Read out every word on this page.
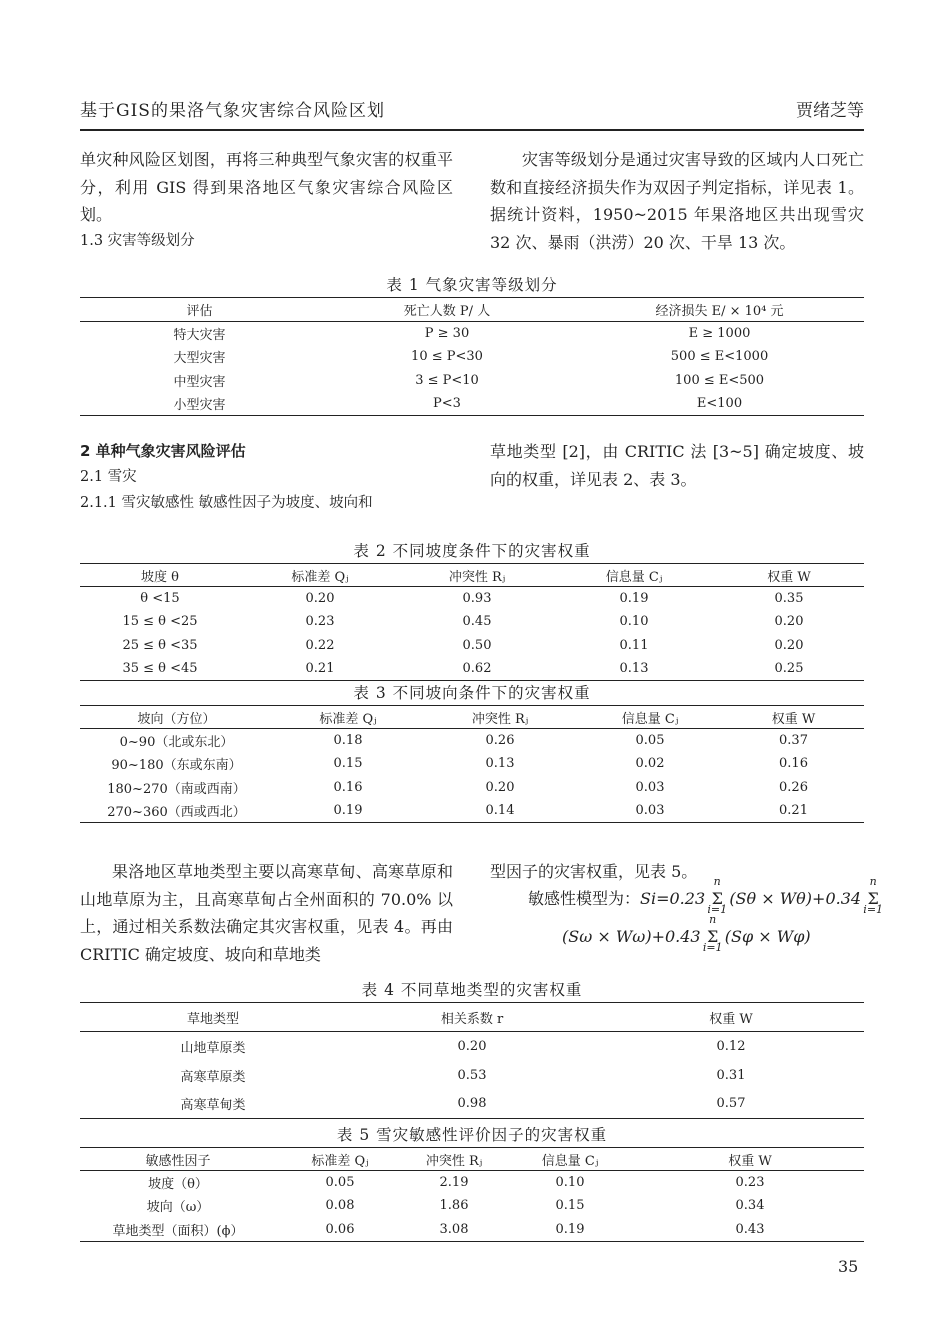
基于GIS的果洛气象灾害综合风险区划	贾绪芝等

单灾种风险区划图，再将三种典型气象灾害的权重平分，利用 GIS 得到果洛地区气象灾害综合风险区划。

1.3 灾害等级划分

灾害等级划分是通过灾害导致的区域内人口死亡数和直接经济损失作为双因子判定指标，详见表 1。据统计资料，1950~2015 年果洛地区共出现雪灾 32 次、暴雨（洪涝）20 次、干旱 13 次。

表 1 气象灾害等级划分
评估	死亡人数 P/ 人	经济损失 E/ × 10⁴ 元
特大灾害	P ≥ 30	E ≥ 1000
大型灾害	10 ≤ P<30	500 ≤ E<1000
中型灾害	3 ≤ P<10	100 ≤ E<500
小型灾害	P<3	E<100

2 单种气象灾害风险评估

2.1 雪灾

2.1.1 雪灾敏感性 敏感性因子为坡度、坡向和

草地类型 [2]，由 CRITIC 法 [3~5] 确定坡度、坡向的权重，详见表 2、表 3。

表 2 不同坡度条件下的灾害权重
坡度 θ	标准差 Qⱼ	冲突性 Rⱼ	信息量 Cⱼ	权重 W
θ <15	0.20	0.93	0.19	0.35
15 ≤ θ <25	0.23	0.45	0.10	0.20
25 ≤ θ <35	0.22	0.50	0.11	0.20
35 ≤ θ <45	0.21	0.62	0.13	0.25
表 3 不同坡向条件下的灾害权重
坡向（方位）	标准差 Qⱼ	冲突性 Rⱼ	信息量 Cⱼ	权重 W
0~90（北或东北）	0.18	0.26	0.05	0.37
90~180（东或东南）	0.15	0.13	0.02	0.16
180~270（南或西南）	0.16	0.20	0.03	0.26
270~360（西或西北）	0.19	0.14	0.03	0.21

果洛地区草地类型主要以高寒草甸、高寒草原和山地草原为主，且高寒草甸占全州面积的 70.0% 以上，通过相关系数法确定其灾害权重，见表 4。再由 CRITIC 确定坡度、坡向和草地类

型因子的灾害权重，见表 5。

敏感性模型为：Si=0.23
n
Σ
i=1
(Sθ × Wθ)+0.34
n
Σ
i=1
(Sω × Wω)+0.43
n
Σ
i=1
(Sφ × Wφ)
表 4 不同草地类型的灾害权重
草地类型	相关系数 r	权重 W
山地草原类	0.20	0.12
高寒草原类	0.53	0.31
高寒草甸类	0.98	0.57
表 5 雪灾敏感性评价因子的灾害权重
敏感性因子	标准差 Qⱼ	冲突性 Rⱼ	信息量 Cⱼ	权重 W
坡度（θ）	0.05	2.19	0.10	0.23
坡向（ω）	0.08	1.86	0.15	0.34
草地类型（面积）(ϕ）	0.06	3.08	0.19	0.43
35
